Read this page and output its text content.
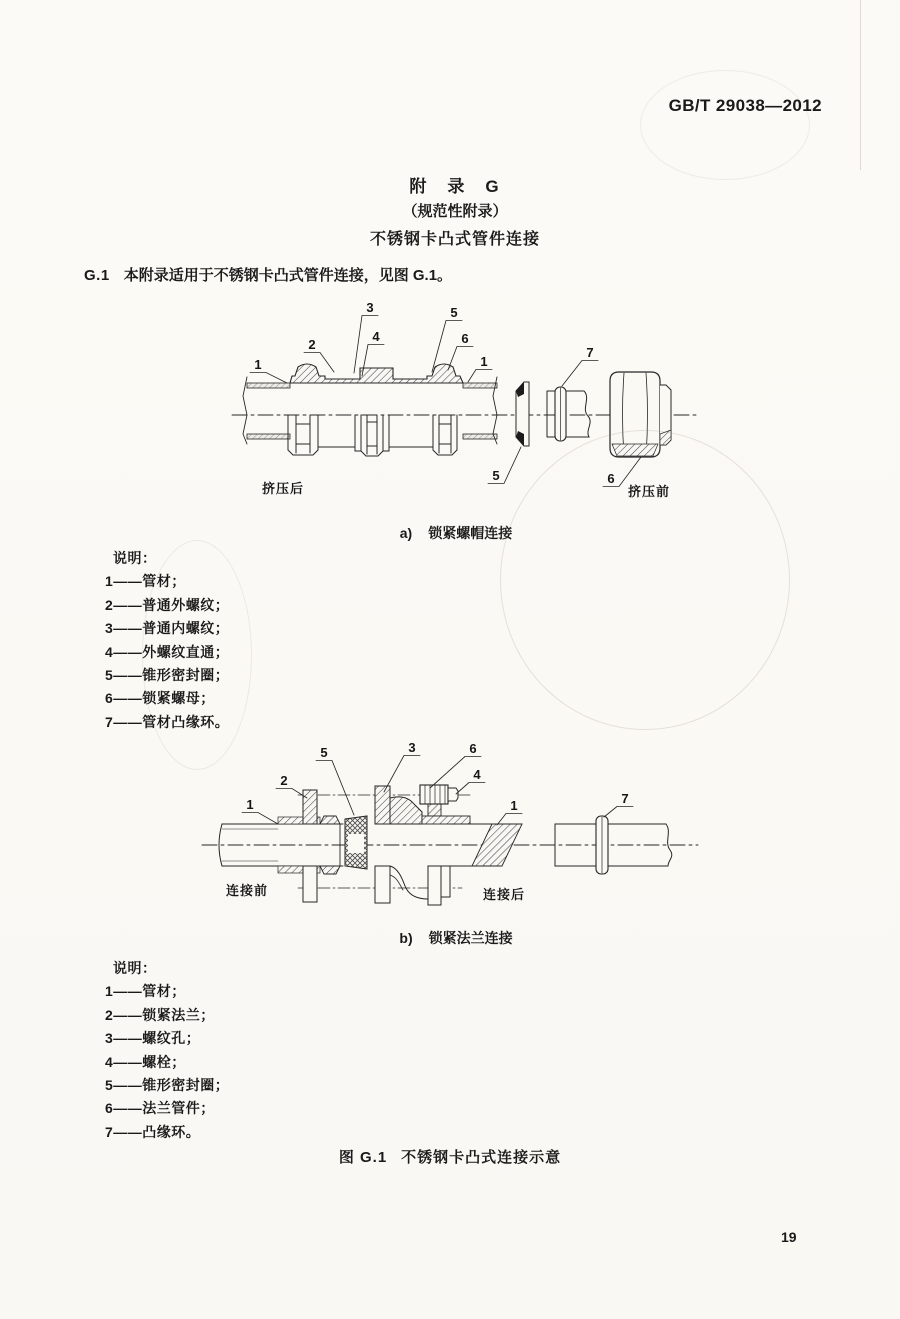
GB/T 29038—2012
附　录　G
（规范性附录）
不锈钢卡凸式管件连接

G.1 本附录适用于不锈钢卡凸式管件连接，见图 G.1。

1
2
3
4
5
6
1
7
5	6
挤压后	挤压前
a) 锁紧螺帽连接
说明：
1——管材；
2——普通外螺纹；
3——普通内螺纹；
4——外螺纹直通；
5——锥形密封圈；
6——锁紧螺母；
7——管材凸缘环。
1
2
5	3	6
4
1	7
连接前	连接后
b) 锁紧法兰连接
说明：
1——管材；
2——锁紧法兰；
3——螺纹孔；
4——螺栓；
5——锥形密封圈；
6——法兰管件；
7——凸缘环。
图 G.1 不锈钢卡凸式连接示意
19
